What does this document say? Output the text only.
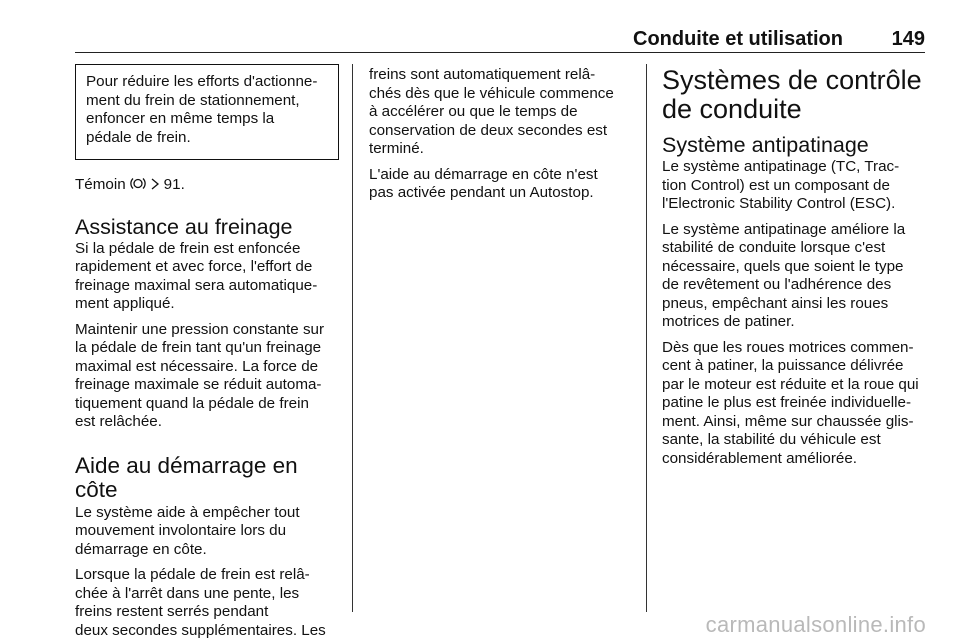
Conduite et utilisation 149
Pour réduire les efforts d'actionne-
ment du frein de stationnement,
enfoncer en même temps la
pédale de frein.
Témoin	91.
Assistance au freinage
Si la pédale de frein est enfoncée
rapidement et avec force, l'effort de
freinage maximal sera automatique-
ment appliqué.
Maintenir une pression constante sur
la pédale de frein tant qu'un freinage
maximal est nécessaire. La force de
freinage maximale se réduit automa-
tiquement quand la pédale de frein
est relâchée.
Aide au démarrage en côte
Le système aide à empêcher tout
mouvement involontaire lors du
démarrage en côte.
Lorsque la pédale de frein est relâ-
chée à l'arrêt dans une pente, les
freins restent serrés pendant
deux secondes supplémentaires. Les
freins sont automatiquement relâ-
chés dès que le véhicule commence
à accélérer ou que le temps de
conservation de deux secondes est
terminé.
L'aide au démarrage en côte n'est
pas activée pendant un Autostop.
Systèmes de contrôle
de conduite
Système antipatinage
Le système antipatinage (TC, Trac-
tion Control) est un composant de
l'Electronic Stability Control (ESC).
Le système antipatinage améliore la
stabilité de conduite lorsque c'est
nécessaire, quels que soient le type
de revêtement ou l'adhérence des
pneus, empêchant ainsi les roues
motrices de patiner.
Dès que les roues motrices commen-
cent à patiner, la puissance délivrée
par le moteur est réduite et la roue qui
patine le plus est freinée individuelle-
ment. Ainsi, même sur chaussée glis-
sante, la stabilité du véhicule est
considérablement améliorée.
carmanualsonline.info
